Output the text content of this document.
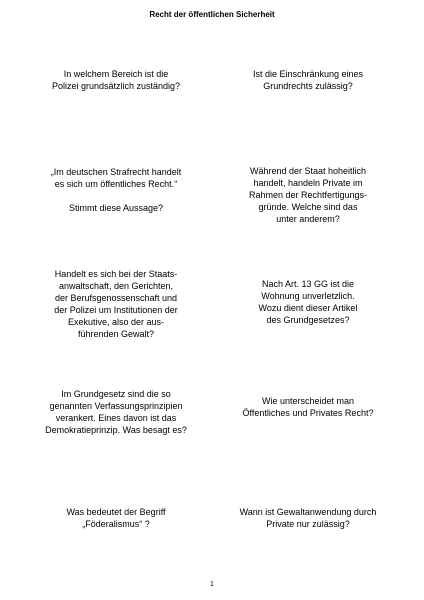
Recht der öffentlichen Sicherheit
In welchem Bereich ist die
Polizei grundsätzlich zuständig?
Ist die Einschränkung eines
Grundrechts zulässig?
„Im deutschen Strafrecht handelt
es sich um öffentliches Recht.“

Stimmt diese Aussage?
Während der Staat hoheitlich
handelt, handeln Private im
Rahmen der Rechtfertigungs-
gründe. Welche sind das
unter anderem?
Handelt es sich bei der Staats-
anwaltschaft, den Gerichten,
der Berufsgenossenschaft und
der Polizei um Institutionen der
Exekutive, also der aus-
führenden Gewalt?
Nach Art. 13 GG ist die
Wohnung unverletzlich.
Wozu dient dieser Artikel
des Grundgesetzes?
Im Grundgesetz sind die so
genannten Verfassungsprinzipien
verankert. Eines davon ist das
Demokratieprinzip. Was besagt es?
Wie unterscheidet man
Öffentliches und Privates Recht?
Was bedeutet der Begriff
„Föderalismus“ ?
Wann ist Gewaltanwendung durch
Private nur zulässig?
1
